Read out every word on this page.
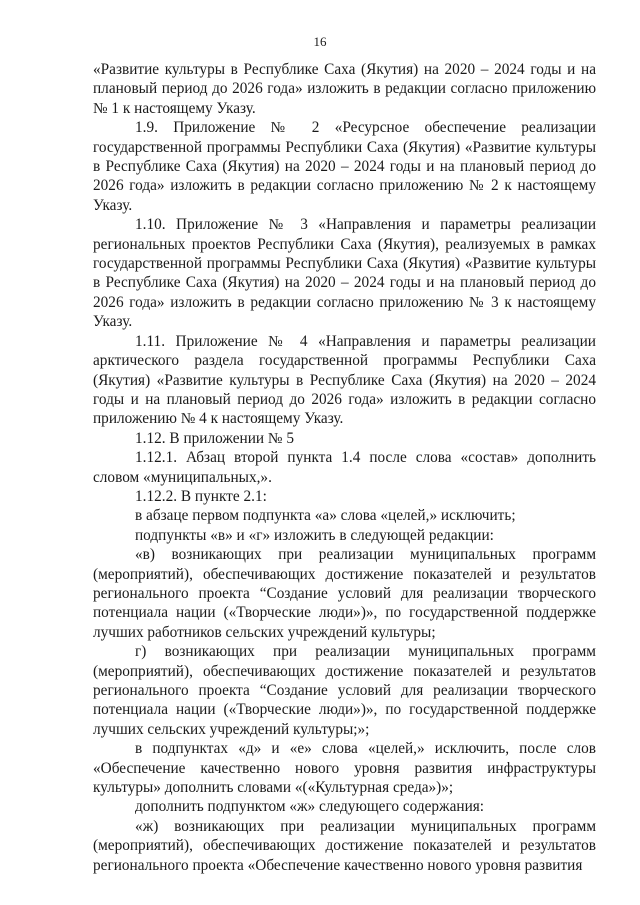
16

«Развитие культуры в Республике Саха (Якутия) на 2020 – 2024 годы и на плановый период до 2026 года» изложить в редакции согласно приложению № 1 к настоящему Указу.

1.9. Приложение № 2 «Ресурсное обеспечение реализации государственной программы Республики Саха (Якутия) «Развитие культуры в Республике Саха (Якутия) на 2020 – 2024 годы и на плановый период до 2026 года» изложить в редакции согласно приложению № 2 к настоящему Указу.

1.10. Приложение № 3 «Направления и параметры реализации региональных проектов Республики Саха (Якутия), реализуемых в рамках государственной программы Республики Саха (Якутия) «Развитие культуры в Республике Саха (Якутия) на 2020 – 2024 годы и на плановый период до 2026 года» изложить в редакции согласно приложению № 3 к настоящему Указу.

1.11. Приложение № 4 «Направления и параметры реализации арктического раздела государственной программы Республики Саха (Якутия) «Развитие культуры в Республике Саха (Якутия) на 2020 – 2024 годы и на плановый период до 2026 года» изложить в редакции согласно приложению № 4 к настоящему Указу.

1.12. В приложении № 5

1.12.1. Абзац второй пункта 1.4 после слова «состав» дополнить словом «муниципальных,».

1.12.2. В пункте 2.1:

в абзаце первом подпункта «а» слова «целей,» исключить;

подпункты «в» и «г» изложить в следующей редакции:

«в) возникающих при реализации муниципальных программ (мероприятий), обеспечивающих достижение показателей и результатов регионального проекта “Создание условий для реализации творческого потенциала нации («Творческие люди»)», по государственной поддержке лучших работников сельских учреждений культуры;

г) возникающих при реализации муниципальных программ (мероприятий), обеспечивающих достижение показателей и результатов регионального проекта “Создание условий для реализации творческого потенциала нации («Творческие люди»)», по государственной поддержке лучших сельских учреждений культуры;»;

в подпунктах «д» и «е» слова «целей,» исключить, после слов «Обеспечение качественно нового уровня развития инфраструктуры культуры» дополнить словами «(«Культурная среда»)»;

дополнить подпунктом «ж» следующего содержания:

«ж) возникающих при реализации муниципальных программ (мероприятий), обеспечивающих достижение показателей и результатов регионального проекта «Обеспечение качественно нового уровня развития
